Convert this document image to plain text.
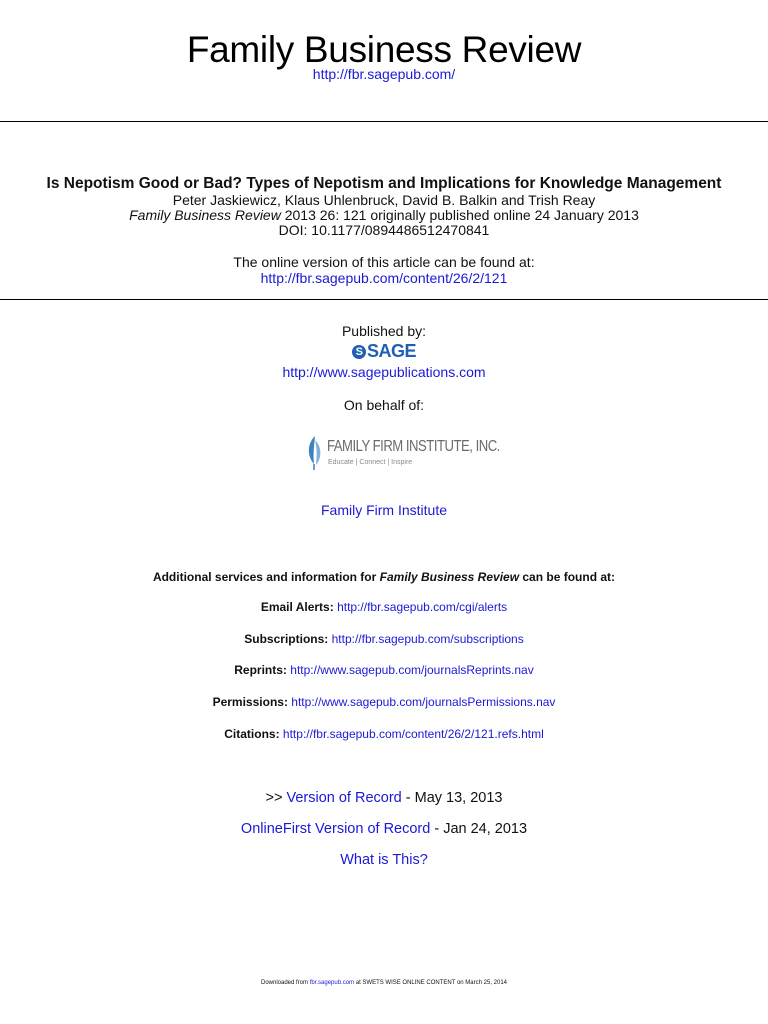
Family Business Review
http://fbr.sagepub.com/
Is Nepotism Good or Bad? Types of Nepotism and Implications for Knowledge Management
Peter Jaskiewicz, Klaus Uhlenbruck, David B. Balkin and Trish Reay
Family Business Review 2013 26: 121 originally published online 24 January 2013
DOI: 10.1177/0894486512470841
The online version of this article can be found at:
http://fbr.sagepub.com/content/26/2/121
Published by:
S SAGE
http://www.sagepublications.com
On behalf of:
FAMILY FIRM INSTITUTE, INC.
Educate | Connect | Inspire
Family Firm Institute
Additional services and information for Family Business Review can be found at:
Email Alerts: http://fbr.sagepub.com/cgi/alerts
Subscriptions: http://fbr.sagepub.com/subscriptions
Reprints: http://www.sagepub.com/journalsReprints.nav
Permissions: http://www.sagepub.com/journalsPermissions.nav
Citations: http://fbr.sagepub.com/content/26/2/121.refs.html
>> Version of Record - May 13, 2013
OnlineFirst Version of Record - Jan 24, 2013
What is This?
Downloaded from fbr.sagepub.com at SWETS WISE ONLINE CONTENT on March 25, 2014
